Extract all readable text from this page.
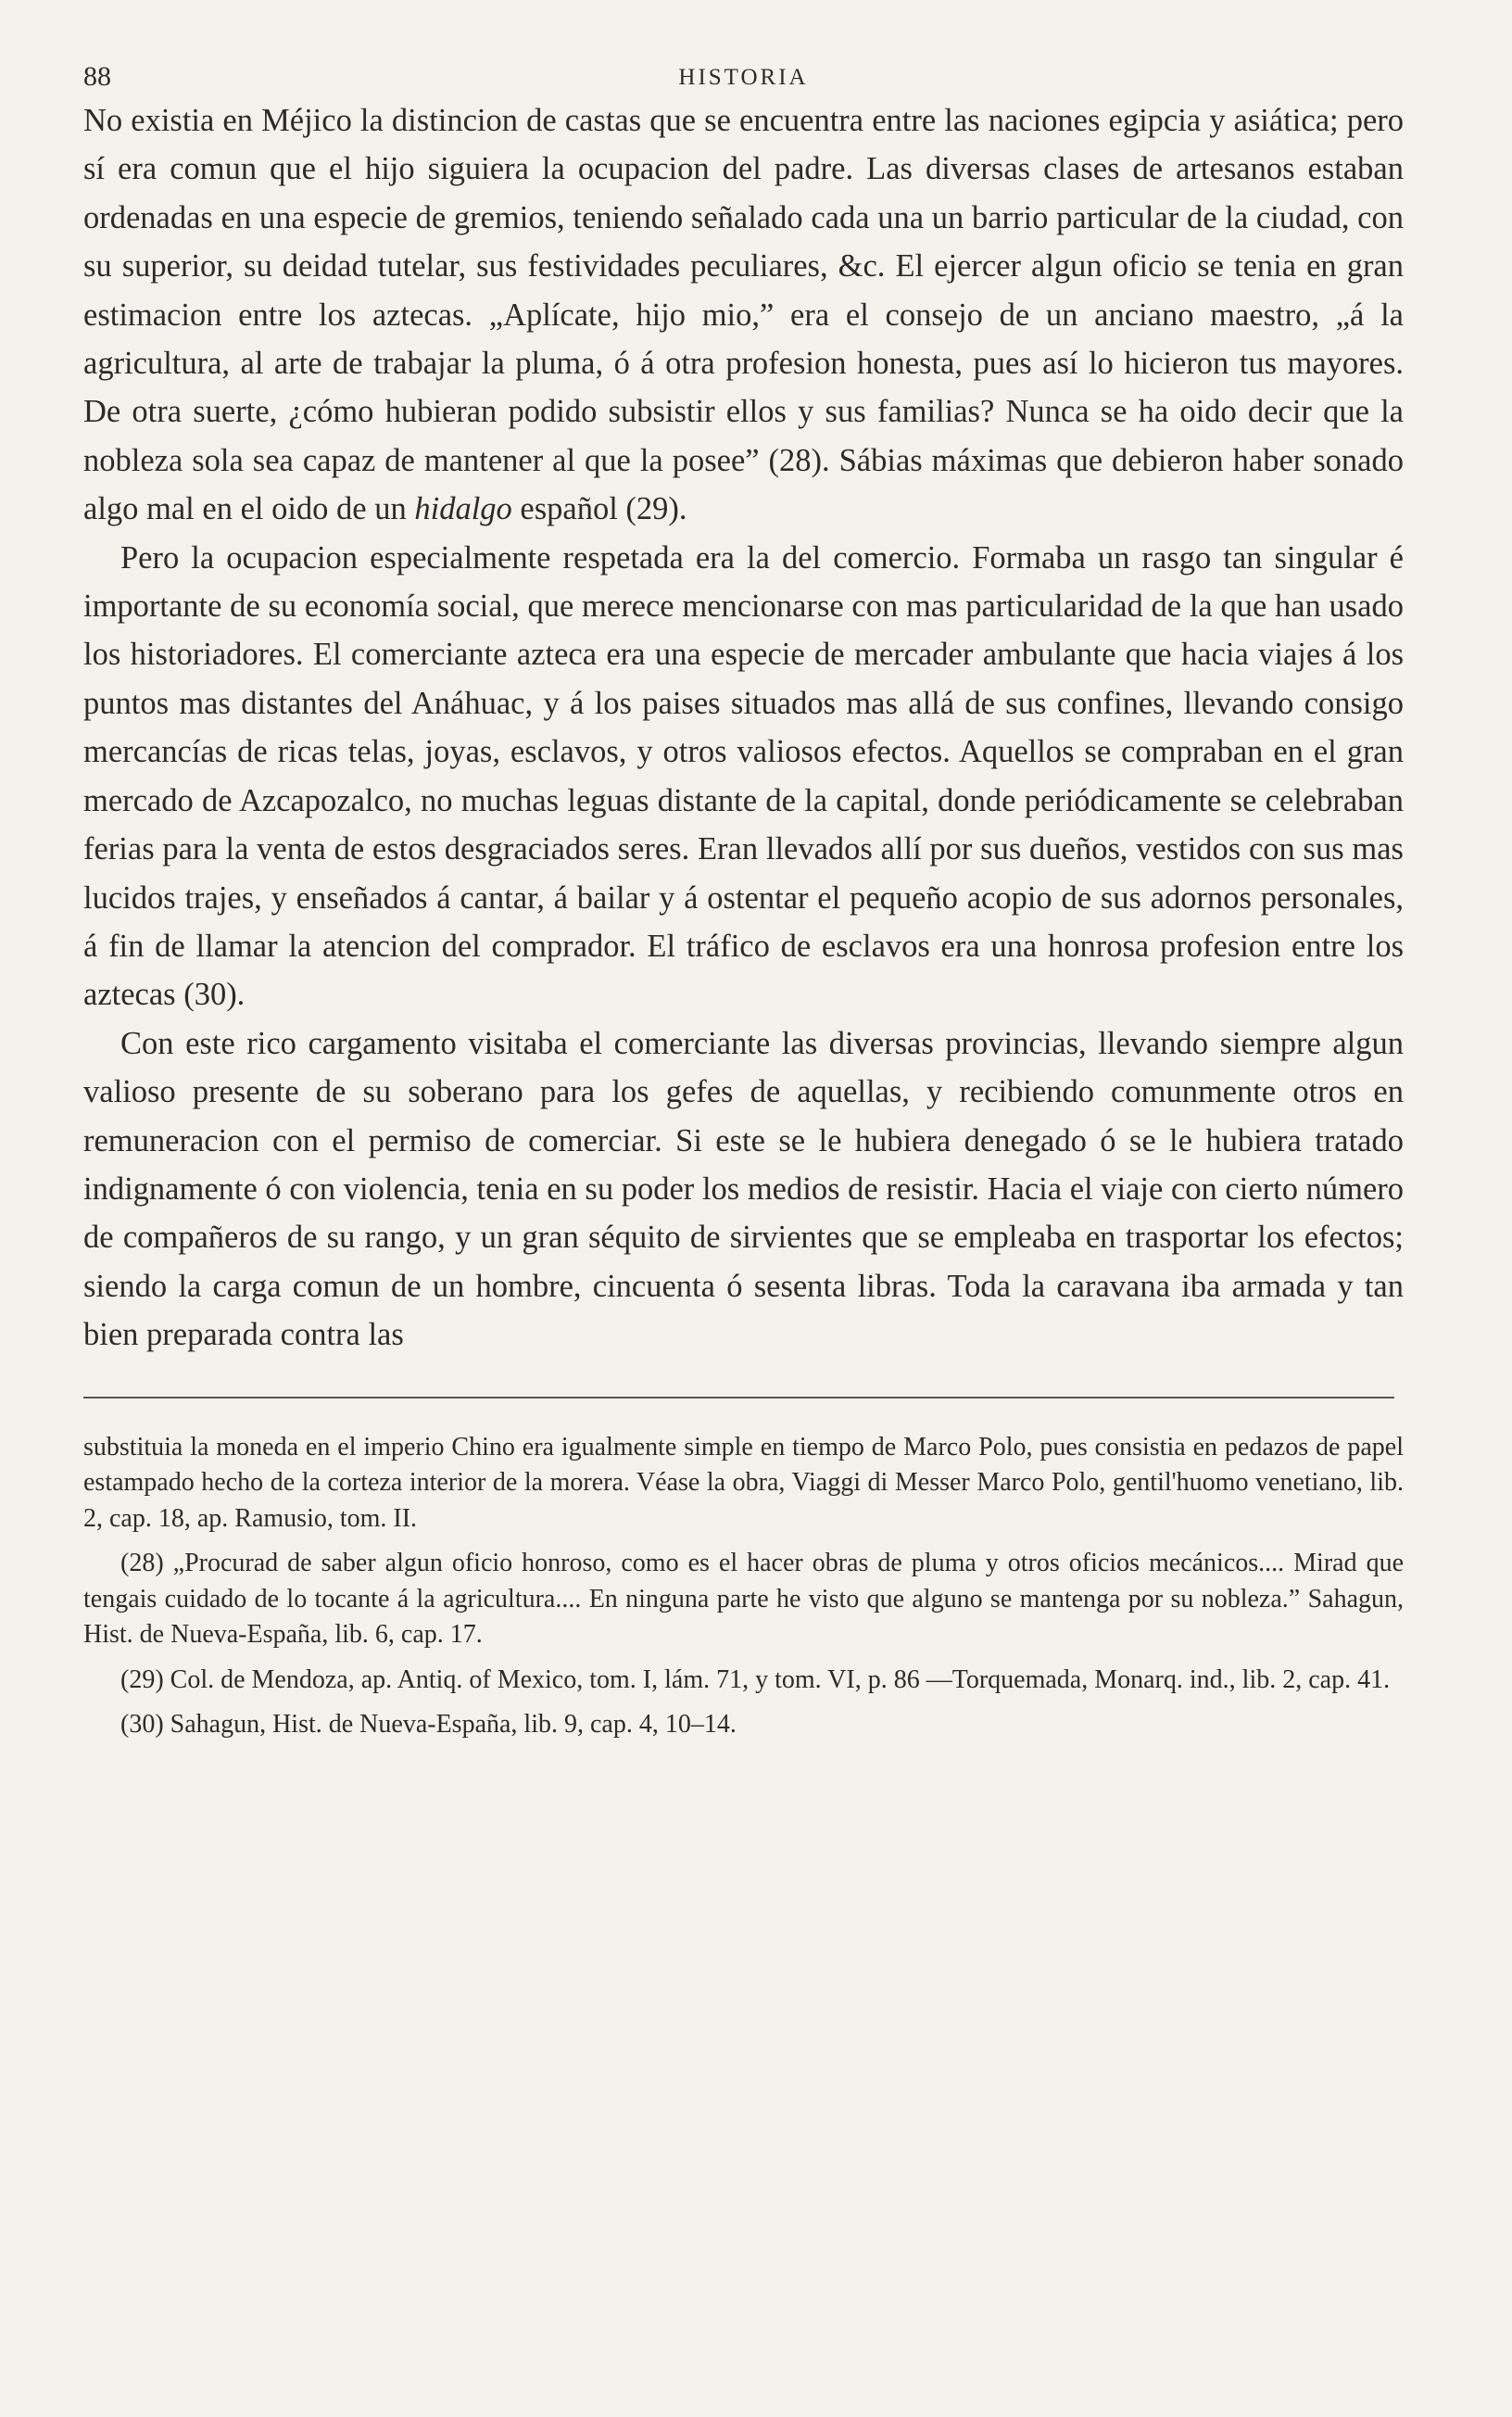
88	HISTORIA

No existia en Méjico la distincion de castas que se encuentra entre las naciones egipcia y asiática; pero sí era comun que el hijo siguiera la ocupacion del padre. Las diversas clases de artesanos estaban ordenadas en una especie de gremios, teniendo señalado cada una un barrio particular de la ciudad, con su superior, su deidad tutelar, sus festividades peculiares, &c. El ejercer algun oficio se tenia en gran estimacion entre los aztecas. „Aplícate, hijo mio,” era el consejo de un anciano maestro, „á la agricultura, al arte de trabajar la pluma, ó á otra profesion honesta, pues así lo hicieron tus mayores. De otra suerte, ¿cómo hubieran podido subsistir ellos y sus familias? Nunca se ha oido decir que la nobleza sola sea capaz de mantener al que la posee” (28). Sábias máximas que debieron haber sonado algo mal en el oido de un hidalgo español (29).

Pero la ocupacion especialmente respetada era la del comercio. Formaba un rasgo tan singular é importante de su economía social, que merece mencionarse con mas particularidad de la que han usado los historiadores. El comerciante azteca era una especie de mercader ambulante que hacia viajes á los puntos mas distantes del Anáhuac, y á los paises situados mas allá de sus confines, llevando consigo mercancías de ricas telas, joyas, esclavos, y otros valiosos efectos. Aquellos se compraban en el gran mercado de Azcapozalco, no muchas leguas distante de la capital, donde periódicamente se celebraban ferias para la venta de estos desgraciados seres. Eran llevados allí por sus dueños, vestidos con sus mas lucidos trajes, y enseñados á cantar, á bailar y á ostentar el pequeño acopio de sus adornos personales, á fin de llamar la atencion del comprador. El tráfico de esclavos era una honrosa profesion entre los aztecas (30).

Con este rico cargamento visitaba el comerciante las diversas provincias, llevando siempre algun valioso presente de su soberano para los gefes de aquellas, y recibiendo comunmente otros en remuneracion con el permiso de comerciar. Si este se le hubiera denegado ó se le hubiera tratado indignamente ó con violencia, tenia en su poder los medios de resistir. Hacia el viaje con cierto número de compañeros de su rango, y un gran séquito de sirvientes que se empleaba en trasportar los efectos; siendo la carga comun de un hombre, cincuenta ó sesenta libras. Toda la caravana iba armada y tan bien preparada contra las

substituia la moneda en el imperio Chino era igualmente simple en tiempo de Marco Polo, pues consistia en pedazos de papel estampado hecho de la corteza interior de la morera. Véase la obra, Viaggi di Messer Marco Polo, gentil'huomo venetiano, lib. 2, cap. 18, ap. Ramusio, tom. II.

(28) „Procurad de saber algun oficio honroso, como es el hacer obras de pluma y otros oficios mecánicos.... Mirad que tengais cuidado de lo tocante á la agricultura.... En ninguna parte he visto que alguno se mantenga por su nobleza.” Sahagun, Hist. de Nueva-España, lib. 6, cap. 17.

(29) Col. de Mendoza, ap. Antiq. of Mexico, tom. I, lám. 71, y tom. VI, p. 86 —Torquemada, Monarq. ind., lib. 2, cap. 41.

(30) Sahagun, Hist. de Nueva-España, lib. 9, cap. 4, 10–14.
